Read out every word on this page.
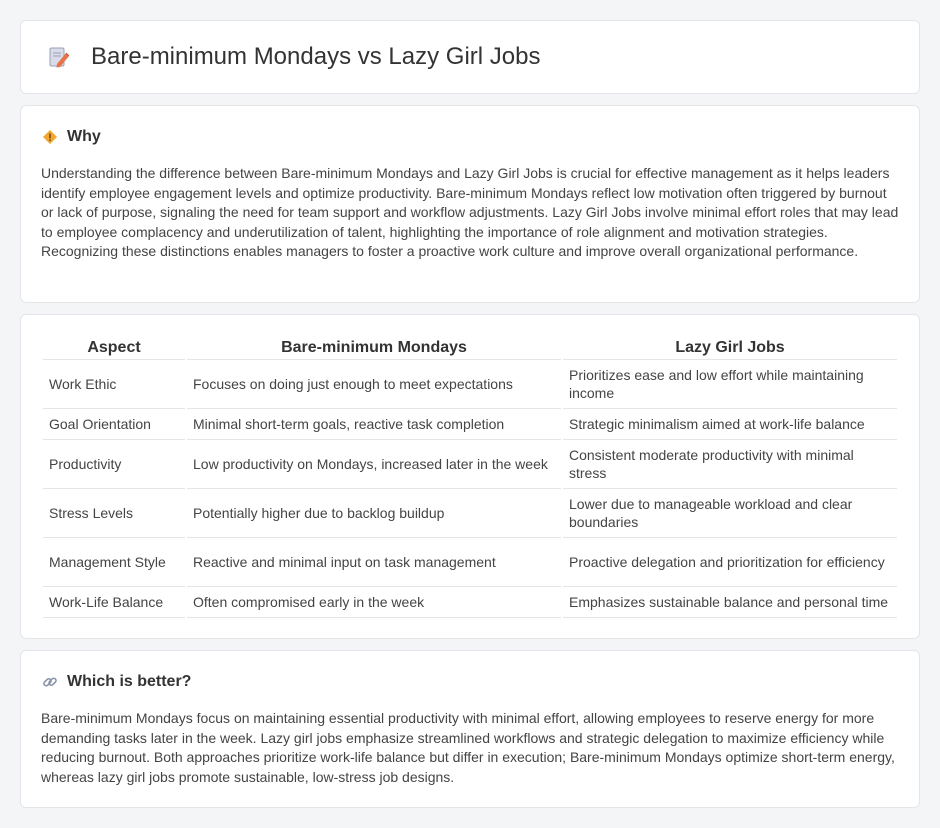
Bare-minimum Mondays vs Lazy Girl Jobs
Why

Understanding the difference between Bare-minimum Mondays and Lazy Girl Jobs is crucial for effective management as it helps leaders identify employee engagement levels and optimize productivity. Bare-minimum Mondays reflect low motivation often triggered by burnout or lack of purpose, signaling the need for team support and workflow adjustments. Lazy Girl Jobs involve minimal effort roles that may lead to employee complacency and underutilization of talent, highlighting the importance of role alignment and motivation strategies. Recognizing these distinctions enables managers to foster a proactive work culture and improve overall organizational performance.

Aspect	Bare-minimum Mondays	Lazy Girl Jobs
Work Ethic	Focuses on doing just enough to meet expectations	Prioritizes ease and low effort while maintaining income
Goal Orientation	Minimal short-term goals, reactive task completion	Strategic minimalism aimed at work-life balance
Productivity	Low productivity on Mondays, increased later in the week	Consistent moderate productivity with minimal stress
Stress Levels	Potentially higher due to backlog buildup	Lower due to manageable workload and clear boundaries
Management Style	Reactive and minimal input on task management	Proactive delegation and prioritization for efficiency
Work-Life Balance	Often compromised early in the week	Emphasizes sustainable balance and personal time
Which is better?

Bare-minimum Mondays focus on maintaining essential productivity with minimal effort, allowing employees to reserve energy for more demanding tasks later in the week. Lazy girl jobs emphasize streamlined workflows and strategic delegation to maximize efficiency while reducing burnout. Both approaches prioritize work-life balance but differ in execution; Bare-minimum Mondays optimize short-term energy, whereas lazy girl jobs promote sustainable, low-stress job designs.
